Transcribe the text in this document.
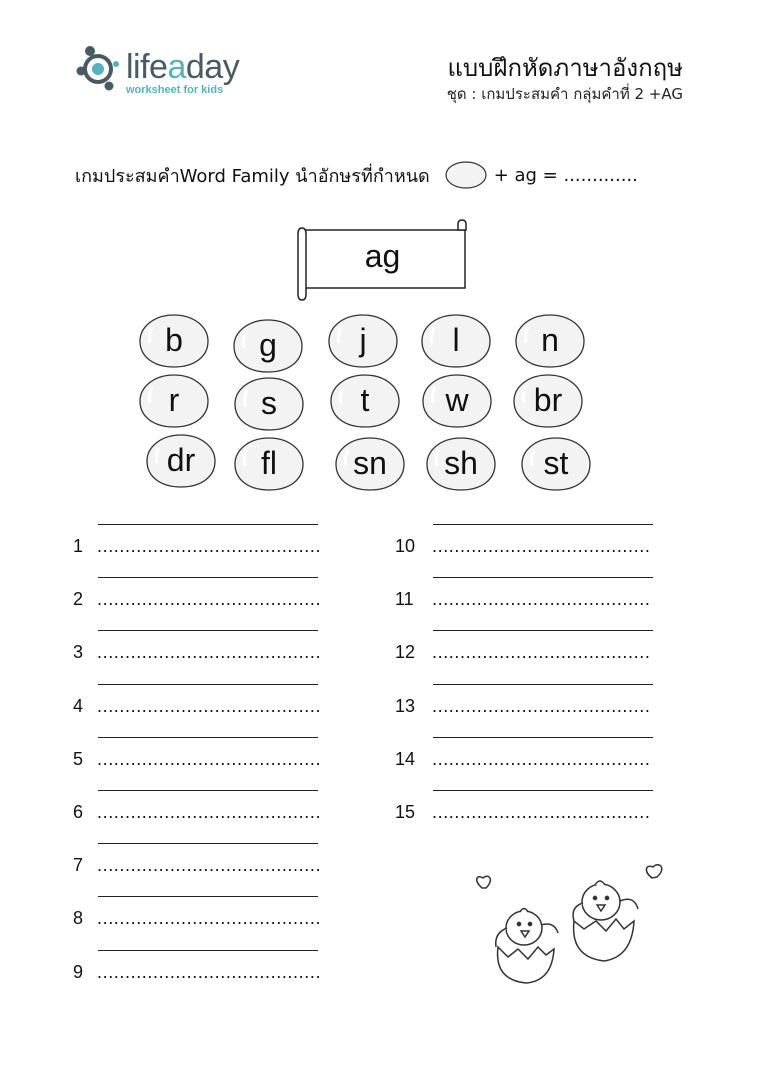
lifeaday
worksheet for kids
แบบฝึกหัดภาษาอังกฤษ
ชุด : เกมประสมคำ กลุ่มคำที่ 2 +AG
เกมประสมคำWord Family นำอักษรที่กำหนด	+ ag = .............
ag
b	g	j	l	n
r	s	t	w	br
dr	fl	sn	sh	st
1 ........................................
2 ........................................
3 ........................................
4 ........................................
5 ........................................
6 ........................................
7 ........................................
8 ........................................
9 ........................................
10 .......................................
11 .......................................
12 .......................................
13 .......................................
14 .......................................
15 .......................................
